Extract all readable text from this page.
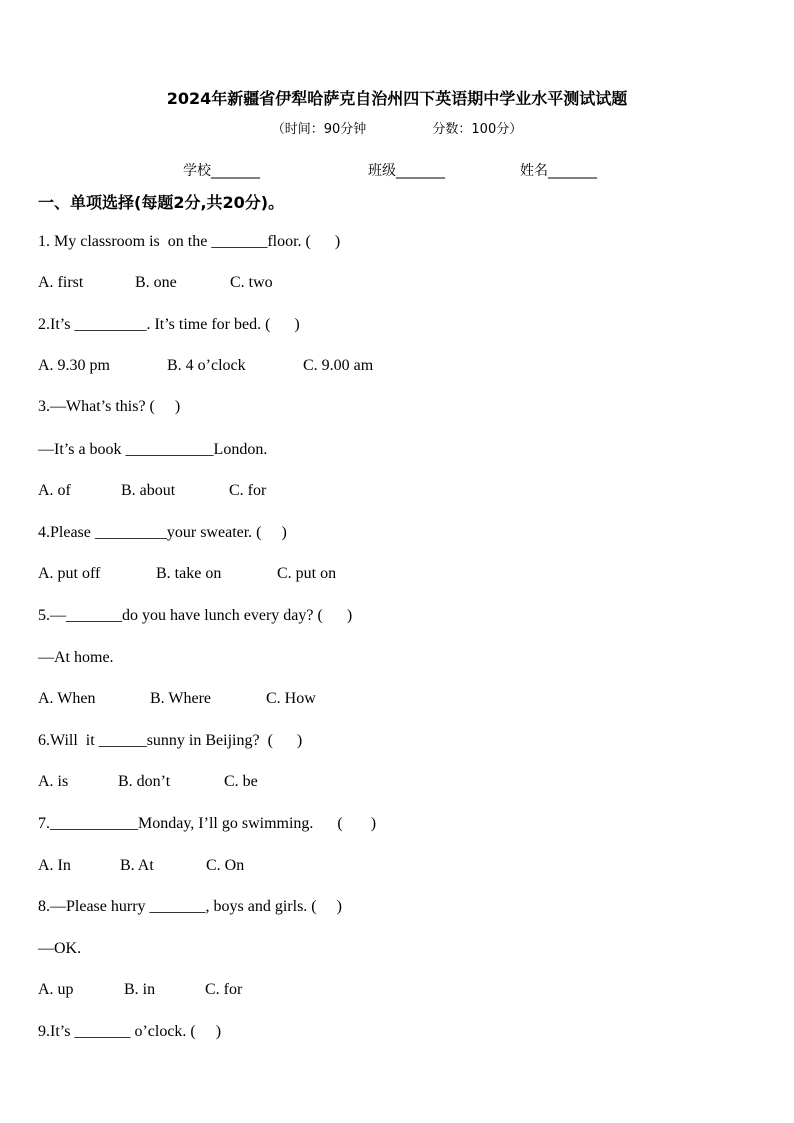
2024年新疆省伊犁哈萨克自治州四下英语期中学业水平测试试题
（时间：90分钟                分数：100分）
学校_______	班级_______	姓名_______
一、单项选择(每题2分,共20分)。
1. My classroom is  on the _______floor. (      )
A. first	B. one	C. two
2.It’s _________. It’s time for bed. (      )
A. 9.30 pm	B. 4 o’clock	C. 9.00 am
3.—What’s this? (     )
—It’s a book ___________London.
A. of	B. about	C. for
4.Please _________your sweater. (     )
A. put off	B. take on	C. put on
5.—_______do you have lunch every day? (      )
—At home.
A. When	B. Where	C. How
6.Will  it ______sunny in Beijing?  (      )
A. is	B. don’t	C. be
7.___________Monday, I’ll go swimming.      (       )
A. In	B. At	C. On
8.—Please hurry _______, boys and girls. (     )
—OK.
A. up	B. in	C. for
9.It’s _______ o’clock. (     )
